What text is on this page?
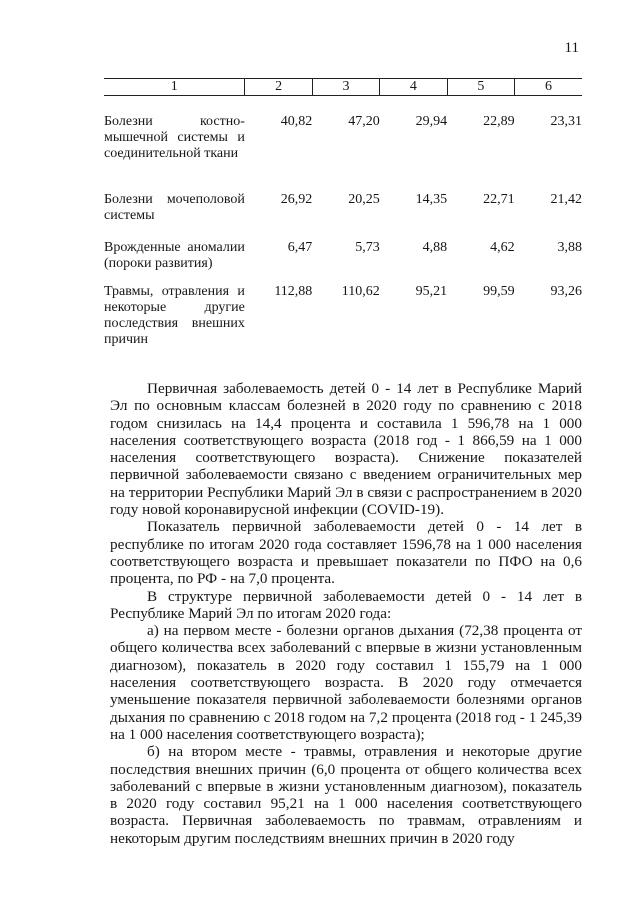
11
1	2	3	4	5	6

Болезни костно-мышечной системы и соединительной ткани	40,82	47,20	29,94	22,89	23,31

Болезни мочеполовой системы	26,92	20,25	14,35	22,71	21,42

Врожденные аномалии (пороки развития)	6,47	5,73	4,88	4,62	3,88

Травмы, отравления и некоторые другие последствия внешних причин	112,88	110,62	95,21	99,59	93,26

Первичная заболеваемость детей 0 - 14 лет в Республике Марий Эл по основным классам болезней в 2020 году по сравнению с 2018 годом снизилась на 14,4 процента и составила 1 596,78 на 1 000 населения соответствующего возраста (2018 год - 1 866,59 на 1 000 населения соответствующего возраста). Снижение показателей первичной заболеваемости связано с введением ограничительных мер на территории Республики Марий Эл в связи с распространением в 2020 году новой коронавирусной инфекции (COVID-19).

Показатель первичной заболеваемости детей 0 - 14 лет в республике по итогам 2020 года составляет 1596,78 на 1 000 населения соответствующего возраста и превышает показатели по ПФО на 0,6 процента, по РФ - на 7,0 процента.

В структуре первичной заболеваемости детей 0 - 14 лет в Республике Марий Эл по итогам 2020 года:

а) на первом месте - болезни органов дыхания (72,38 процента от общего количества всех заболеваний с впервые в жизни установленным диагнозом), показатель в 2020 году составил 1 155,79 на 1 000 населения соответствующего возраста. В 2020 году отмечается уменьшение показателя первичной заболеваемости болезнями органов дыхания по сравнению с 2018 годом на 7,2 процента (2018 год - 1 245,39 на 1 000 населения соответствующего возраста);

б) на втором месте - травмы, отравления и некоторые другие последствия внешних причин (6,0 процента от общего количества всех заболеваний с впервые в жизни установленным диагнозом), показатель в 2020 году составил 95,21 на 1 000 населения соответствующего возраста. Первичная заболеваемость по травмам, отравлениям и некоторым другим последствиям внешних причин в 2020 году
